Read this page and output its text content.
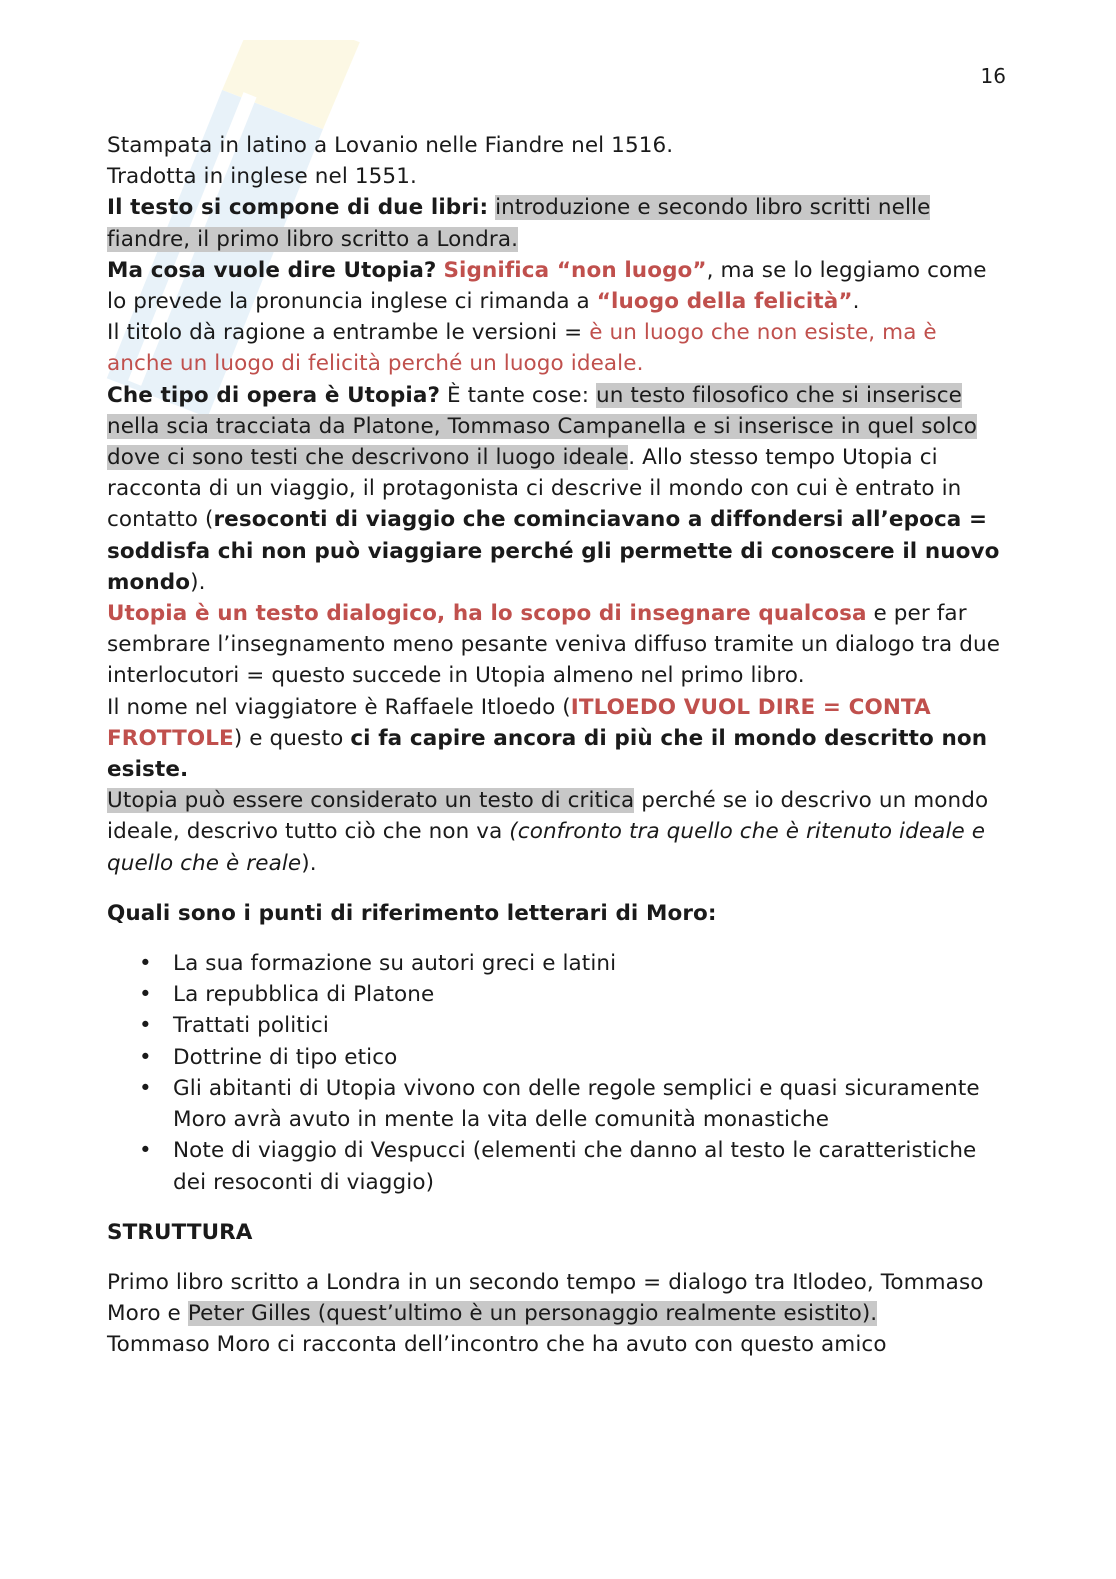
16

Stampata in latino a Lovanio nelle Fiandre nel 1516.
Tradotta in inglese nel 1551.

Il testo si compone di due libri: introduzione e secondo libro scritti nelle fiandre, il primo libro scritto a Londra.

Ma cosa vuole dire Utopia? Significa “non luogo”, ma se lo leggiamo come lo prevede la pronuncia inglese ci rimanda a “luogo della felicità”.

Il titolo dà ragione a entrambe le versioni = è un luogo che non esiste, ma è anche un luogo di felicità perché un luogo ideale.

Che tipo di opera è Utopia? È tante cose: un testo filosofico che si inserisce nella scia tracciata da Platone, Tommaso Campanella e si inserisce in quel solco dove ci sono testi che descrivono il luogo ideale. Allo stesso tempo Utopia ci racconta di un viaggio, il protagonista ci descrive il mondo con cui è entrato in contatto (resoconti di viaggio che cominciavano a diffondersi all’epoca = soddisfa chi non può viaggiare perché gli permette di conoscere il nuovo mondo).

Utopia è un testo dialogico, ha lo scopo di insegnare qualcosa e per far sembrare l’insegnamento meno pesante veniva diffuso tramite un dialogo tra due interlocutori = questo succede in Utopia almeno nel primo libro.

Il nome nel viaggiatore è Raffaele Itloedo (ITLOEDO VUOL DIRE = CONTA FROTTOLE) e questo ci fa capire ancora di più che il mondo descritto non esiste.

Utopia può essere considerato un testo di critica perché se io descrivo un mondo ideale, descrivo tutto ciò che non va (confronto tra quello che è ritenuto ideale e quello che è reale).

Quali sono i punti di riferimento letterari di Moro:

• La sua formazione su autori greci e latini
• La repubblica di Platone
• Trattati politici
• Dottrine di tipo etico
• Gli abitanti di Utopia vivono con delle regole semplici e quasi sicuramente Moro avrà avuto in mente la vita delle comunità monastiche
• Note di viaggio di Vespucci (elementi che danno al testo le caratteristiche dei resoconti di viaggio)

STRUTTURA

Primo libro scritto a Londra in un secondo tempo = dialogo tra Itlodeo, Tommaso Moro e Peter Gilles (quest’ultimo è un personaggio realmente esistito).

Tommaso Moro ci racconta dell’incontro che ha avuto con questo amico
